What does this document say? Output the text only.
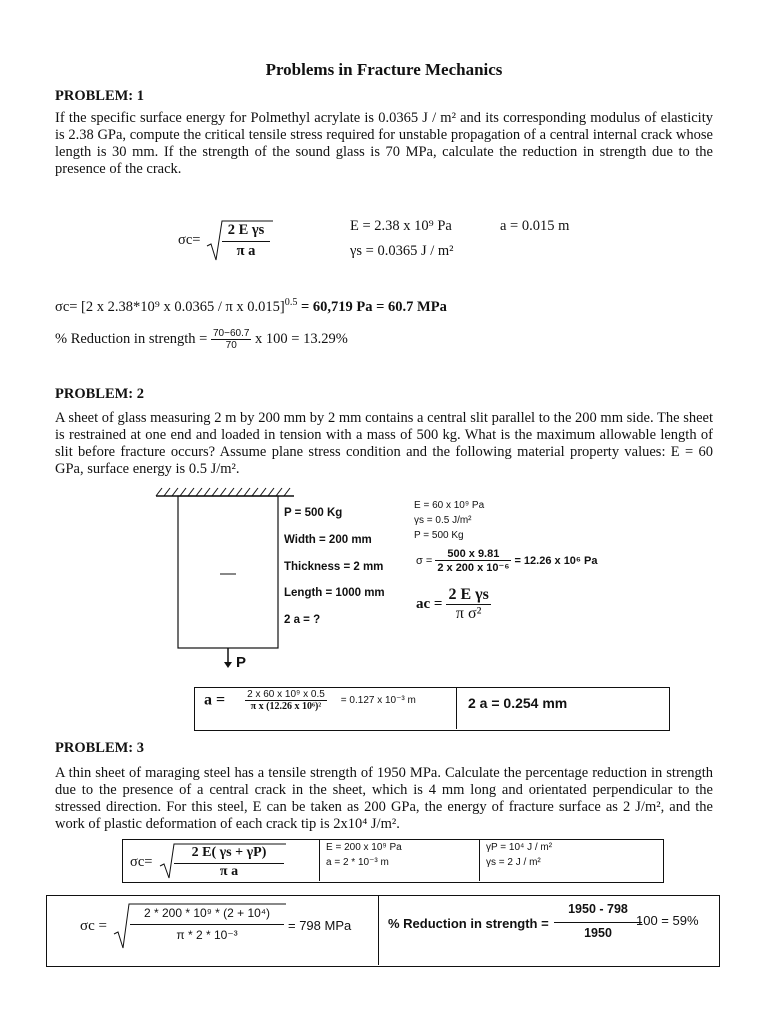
Problems in Fracture Mechanics
PROBLEM: 1
If the specific surface energy for Polmethyl acrylate is 0.0365 J / m² and its corresponding modulus of elasticity is 2.38 GPa, compute the critical tensile stress required for unstable propagation of a central internal crack whose length is 30 mm. If the strength of the sound glass is 70 MPa, calculate the reduction in strength due to the presence of the crack.
σc=
2 E γs
π a
E = 2.38 x 10⁹ Pa
γs = 0.0365 J / m²
a = 0.015 m
σc= [2 x 2.38*10⁹ x 0.0365 / π x 0.015]$^{0.5}$ = 60,719 Pa = 60.7 MPa
% Reduction in strength = $\frac{70-60.7}{70}$ x 100 = 13.29%
PROBLEM: 2
A sheet of glass measuring 2 m by 200 mm by 2 mm contains a central slit parallel to the 200 mm side. The sheet is restrained at one end and loaded in tension with a mass of 500 kg. What is the maximum allowable length of slit before fracture occurs? Assume plane stress condition and the following material property values: E = 60 GPa, surface energy is 0.5 J/m².
P
P = 500 Kg
Width = 200 mm
Thickness = 2 mm
Length = 1000 mm
2 a = ?
E = 60 x 10⁹ Pa
γs = 0.5 J/m²
P = 500 Kg
$\sigma = \frac{500 x 9.81}{\text{2 x 200 x 10⁻⁶}} = 12.26$ x 10⁶ Pa
ac = $\frac{\text{2 E γs}}{\text{π σ²}}$
$a = \frac{\text{2 x 60 x 10⁹ x 0.5}}{\text{π x (12.26 x 10⁶)²}} = 0.127$ x 10⁻³ m	2 a = 0.254 mm
PROBLEM: 3
A thin sheet of maraging steel has a tensile strength of 1950 MPa. Calculate the percentage reduction in strength due to the presence of a central crack in the sheet, which is 4 mm long and orientated perpendicular to the stressed direction. For this steel, E can be taken as 200 GPa, the energy of fracture surface as 2 J/m², and the work of plastic deformation of each crack tip is 2x10⁴ J/m².
σc=
2 E( γs + γP)
π a
E = 200 x 10⁹ Pa
a = 2 * 10⁻³ m
γP = 10⁴ J / m²
γs = 2 J / m²
σc =
2 * 200 * 10⁹ * (2 + 10⁴)
π * 2 * 10⁻³
= 798 MPa	% Reduction in strength =
1950 - 798
1950
100 = 59%
